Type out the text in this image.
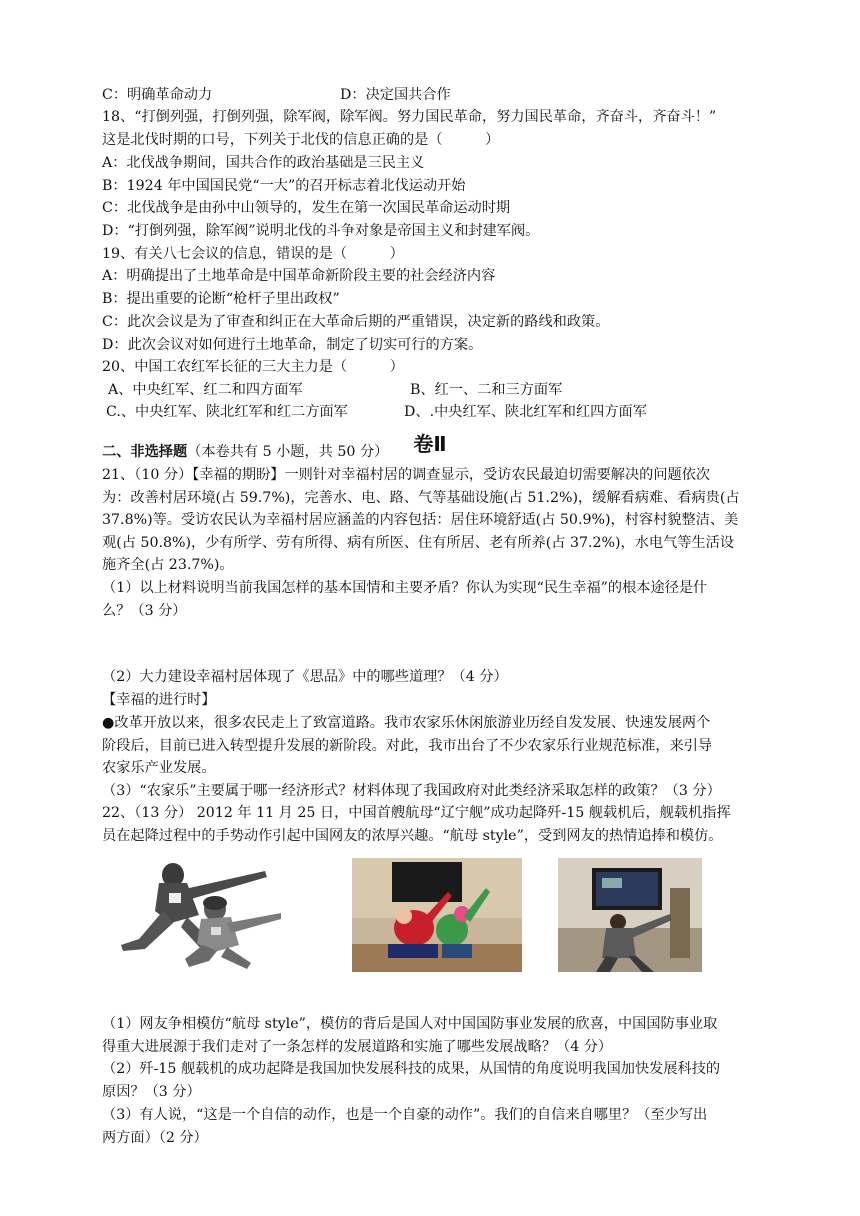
C：明确革命动力	D：决定国共合作
18、“打倒列强，打倒列强，除军阀，除军阀。努力国民革命，努力国民革命，齐奋斗，齐奋斗！”
这是北伐时期的口号，下列关于北伐的信息正确的是（　　　）
A：北伐战争期间，国共合作的政治基础是三民主义
B：1924 年中国国民党“一大”的召开标志着北伐运动开始
C：北伐战争是由孙中山领导的，发生在第一次国民革命运动时期
D：“打倒列强，除军阀”说明北伐的斗争对象是帝国主义和封建军阀。
19、有关八七会议的信息，错误的是（　　　）
A：明确提出了土地革命是中国革命新阶段主要的社会经济内容
B：提出重要的论断“枪杆子里出政权”
C：此次会议是为了审查和纠正在大革命后期的严重错误，决定新的路线和政策。
D：此次会议对如何进行土地革命，制定了切实可行的方案。
20、中国工农红军长征的三大主力是（　　　）
A、中央红军、红二和四方面军	B、红一、二和三方面军
C.、中央红军、陕北红军和红二方面军	D、.中央红军、陕北红军和红四方面军
卷Ⅱ
二、非选择题（本卷共有 5 小题，共 50 分）
21、（10 分）【幸福的期盼】一则针对幸福村居的调查显示，受访农民最迫切需要解决的问题依次
为：改善村居环境(占 59.7%)，完善水、电、路、气等基础设施(占 51.2%)，缓解看病难、看病贵(占
37.8%)等。受访农民认为幸福村居应涵盖的内容包括：居住环境舒适(占 50.9%)，村容村貌整洁、美
观(占 50.8%)，少有所学、劳有所得、病有所医、住有所居、老有所养(占 37.2%)，水电气等生活设
施齐全(占 23.7%)。
（1）以上材料说明当前我国怎样的基本国情和主要矛盾？你认为实现“民生幸福”的根本途径是什
么？（3 分）
（2）大力建设幸福村居体现了《思品》中的哪些道理？（4 分）
【幸福的进行时】
●改革开放以来，很多农民走上了致富道路。我市农家乐休闲旅游业历经自发发展、快速发展两个
阶段后，目前已进入转型提升发展的新阶段。对此，我市出台了不少农家乐行业规范标准，来引导
农家乐产业发展。
（3）“农家乐”主要属于哪一经济形式？材料体现了我国政府对此类经济采取怎样的政策？（3 分）
22、（13 分） 2012 年 11 月 25 日，中国首艘航母“辽宁舰”成功起降歼-15 舰载机后，舰载机指挥
员在起降过程中的手势动作引起中国网友的浓厚兴趣。“航母 style”，受到网友的热情追捧和模仿。
（1）网友争相模仿“航母 style”，模仿的背后是国人对中国国防事业发展的欣喜，中国国防事业取
得重大进展源于我们走对了一条怎样的发展道路和实施了哪些发展战略？（4 分）
（2）歼-15 舰载机的成功起降是我国加快发展科技的成果，从国情的角度说明我国加快发展科技的
原因？（3 分）
（3）有人说，“这是一个自信的动作，也是一个自豪的动作”。我们的自信来自哪里？（至少写出
两方面）（2 分）
